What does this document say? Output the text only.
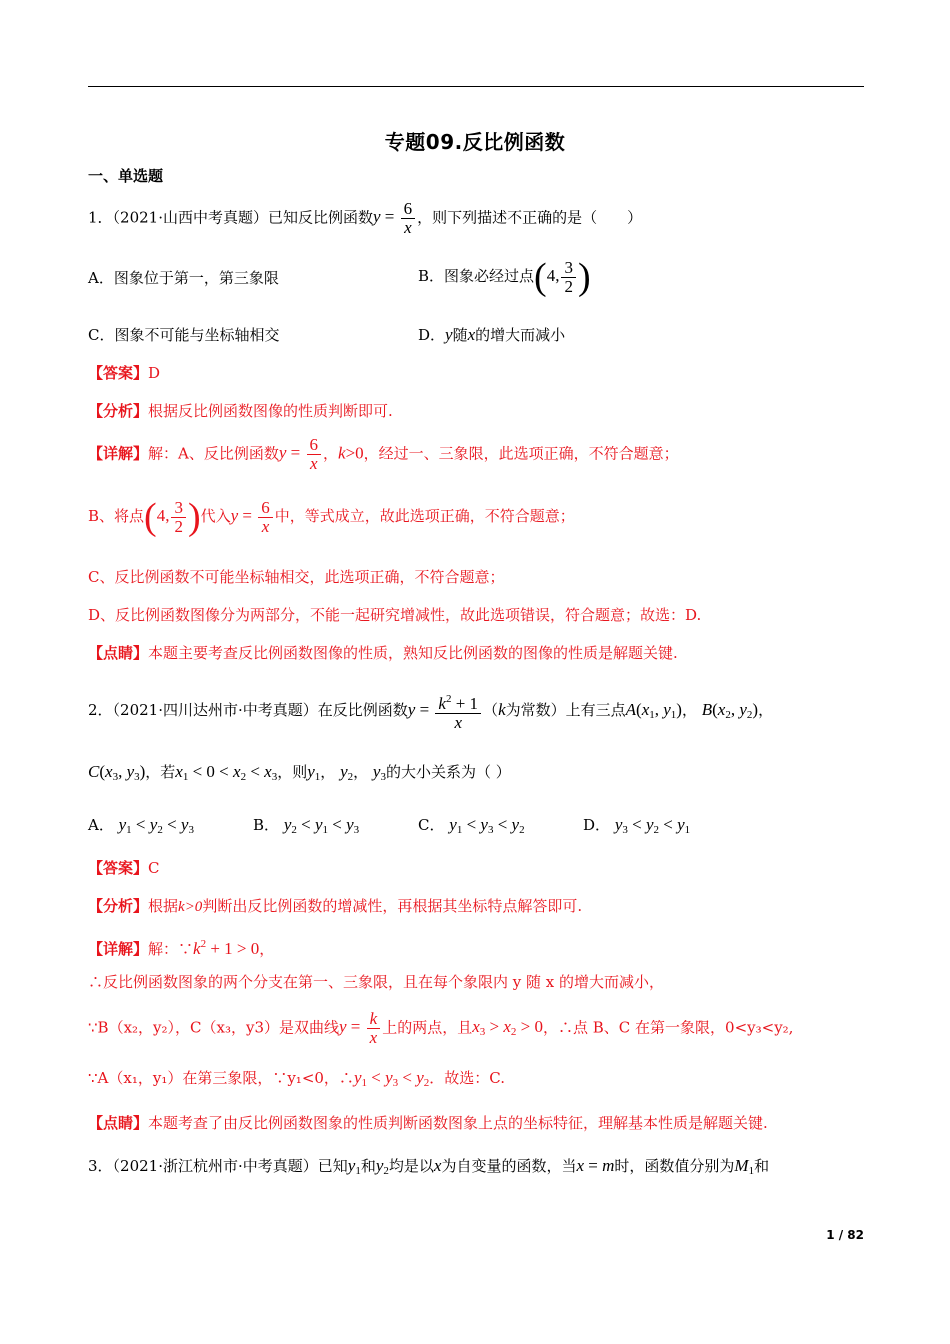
专题09.反比例函数
一、单选题
1．（2021·山西中考真题）已知反比例函数$y = \frac{6}{x}$ ，则下列描述不正确的是（　　）
A．图象位于第一，第三象限	B．图象必经过点(4, $\frac{3}{2}$ )
C．图象不可能与坐标轴相交	D．y随x的增大而减小
【答案】D
【分析】根据反比例函数图像的性质判断即可.
【详解】解：A、反比例函数$y = \frac{6}{x}$ ，k>0，经过一、三象限，此选项正确，不符合题意；
B、将点(4, $\frac{3}{2}$ )代入$y = \frac{6}{x}$ 中，等式成立，故此选项正确，不符合题意；
C、反比例函数不可能坐标轴相交，此选项正确，不符合题意；
D、反比例函数图像分为两部分，不能一起研究增减性，故此选项错误，符合题意；故选：D.
【点睛】本题主要考查反比例函数图像的性质，熟知反比例函数的图像的性质是解题关键.
2．（2021·四川达州市·中考真题）在反比例函数$y = \frac{k^2 + 1}{x} (k$为常数）上有三点$A(x_1$, $y_1$)， $B(x_2$, $y_2$)，
$C(x_3$, $y_3$)，若$x_1 < 0 < x_2 < x_3$，则$y_1$， $y_2$， $y_3$的大小关系为（ ）
A． $y_1 < y_2 < y_3$	B． $y_2 < y_1 < y_3$	C． $y_1 < y_3 < y_2$	D． $y_3 < y_2 < y_1$
【答案】C
【分析】根据k>0判断出反比例函数的增减性，再根据其坐标特点解答即可.
【详解】解：$\because k^2 + 1 > 0$，
∴反比例函数图象的两个分支在第一、三象限，且在每个象限内 y 随 x 的增大而减小，
∵B（x₂，y₂），C（x₃，y3）是双曲线$y = \frac{k}{x}$ 上的两点，且$x_3 > x_2 > 0$，∴点 B、C 在第一象限，0<y₃<y₂,
∵A（x₁，y₁）在第三象限，∵y₁<0，$\therefore y_1 < y_3 < y_2$．故选：C.
【点睛】本题考查了由反比例函数图象的性质判断函数图象上点的坐标特征，理解基本性质是解题关键.
3．（2021·浙江杭州市·中考真题）已知$y_1$和$y_2$均是以x为自变量的函数，当x = m时，函数值分别为$M_1$和
1 / 82
